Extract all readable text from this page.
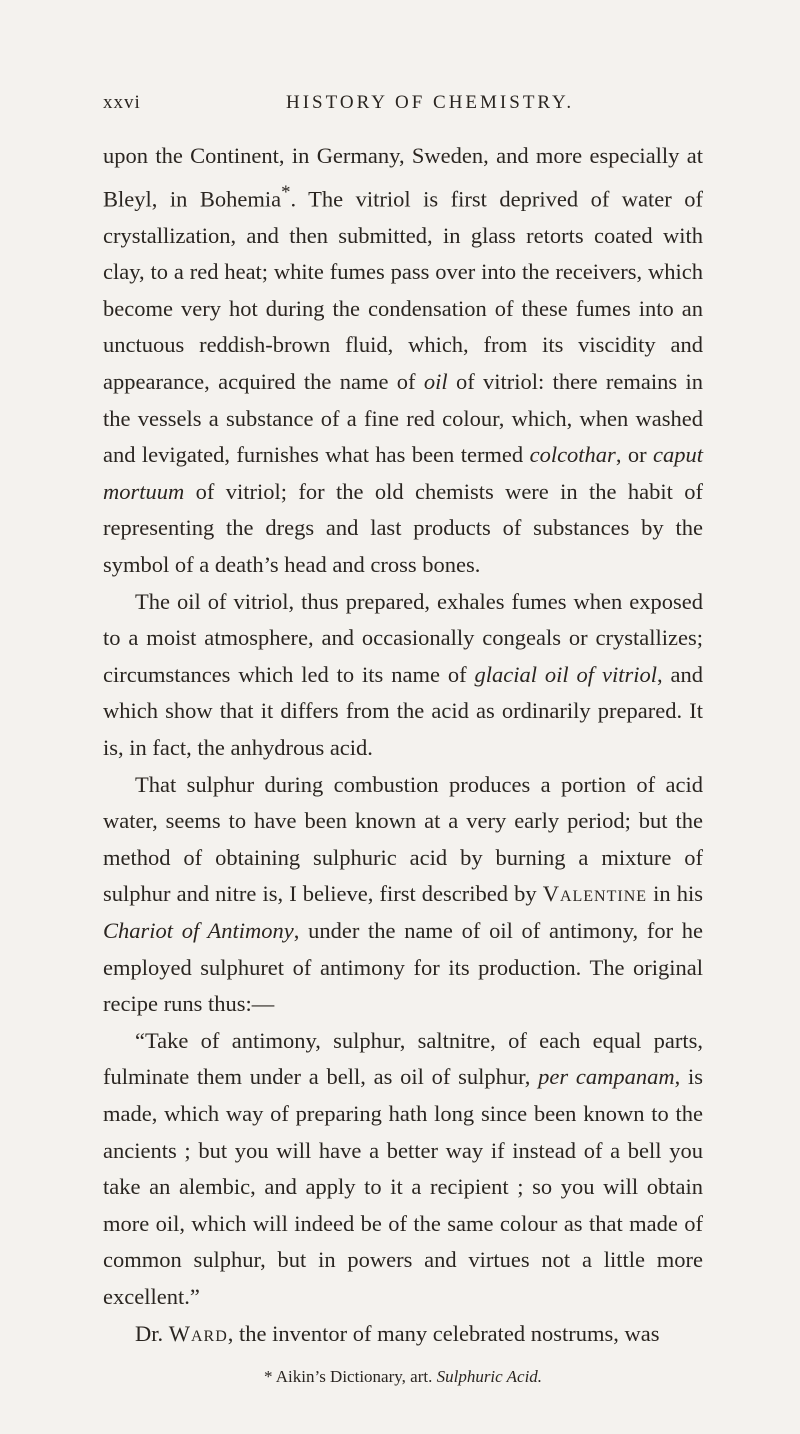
xxvi	HISTORY OF CHEMISTRY.

upon the Continent, in Germany, Sweden, and more especially at Bleyl, in Bohemia*. The vitriol is first deprived of water of crystallization, and then submitted, in glass retorts coated with clay, to a red heat; white fumes pass over into the receivers, which become very hot during the condensation of these fumes into an unctuous reddish-brown fluid, which, from its viscidity and appearance, acquired the name of oil of vitriol: there remains in the vessels a substance of a fine red colour, which, when washed and levigated, furnishes what has been termed colcothar, or caput mortuum of vitriol; for the old chemists were in the habit of representing the dregs and last products of substances by the symbol of a death’s head and cross bones.

The oil of vitriol, thus prepared, exhales fumes when exposed to a moist atmosphere, and occasionally congeals or crystallizes; circumstances which led to its name of glacial oil of vitriol, and which show that it differs from the acid as ordinarily prepared. It is, in fact, the anhydrous acid.

That sulphur during combustion produces a portion of acid water, seems to have been known at a very early period; but the method of obtaining sulphuric acid by burning a mixture of sulphur and nitre is, I believe, first described by Valentine in his Chariot of Antimony, under the name of oil of antimony, for he employed sulphuret of antimony for its production. The original recipe runs thus:—

“Take of antimony, sulphur, saltnitre, of each equal parts, fulminate them under a bell, as oil of sulphur, per campanam, is made, which way of preparing hath long since been known to the ancients ; but you will have a better way if instead of a bell you take an alembic, and apply to it a recipient ; so you will obtain more oil, which will indeed be of the same colour as that made of common sulphur, but in powers and virtues not a little more excellent.”

Dr. Ward, the inventor of many celebrated nostrums, was

* Aikin’s Dictionary, art. Sulphuric Acid.
